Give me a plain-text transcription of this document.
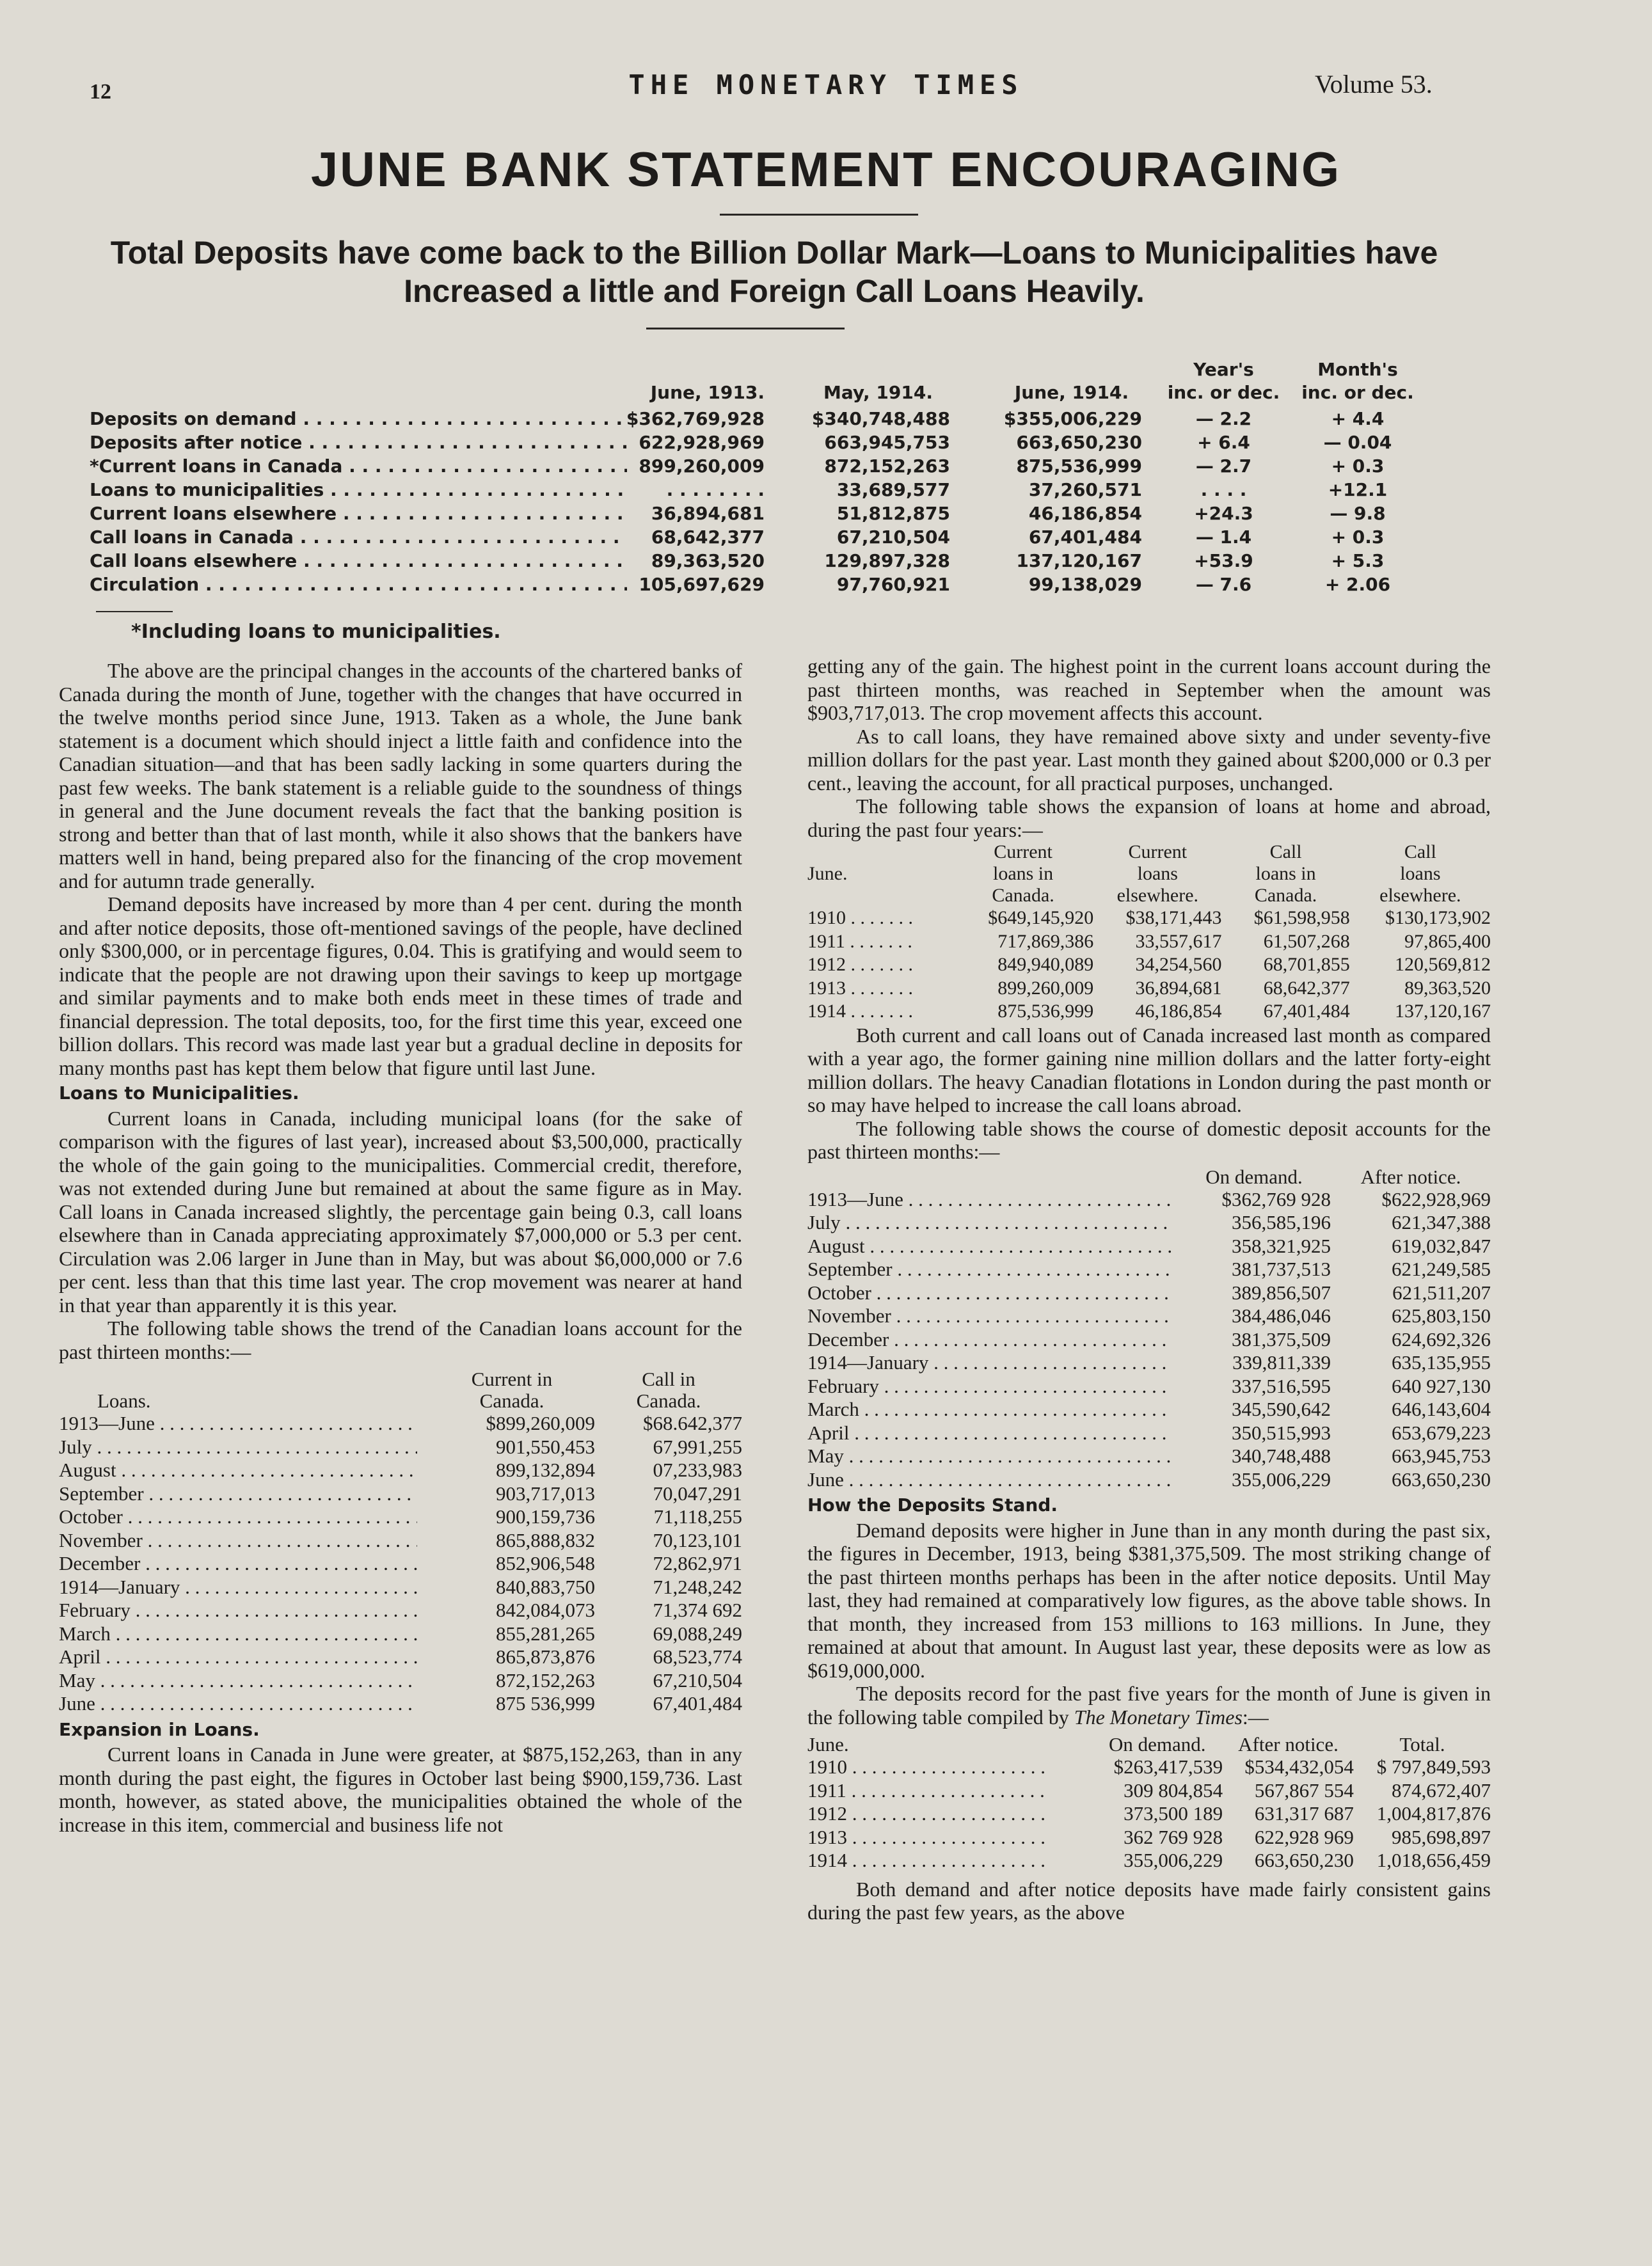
12	THE MONETARY TIMES	Volume 53.
JUNE BANK STATEMENT ENCOURAGING
Total Deposits have come back to the Billion Dollar Mark—Loans to Municipalities have Increased a little and Foreign Call Loans Heavily.
Year's	Month's
June, 1913.	May, 1914.	June, 1914.	inc. or dec.	inc. or dec.
Deposits on demand . . .	$362,769,928	$340,748,488	$355,006,229	— 2.2	+ 4.4
Deposits after notice . . .	622,928,969	663,945,753	663,650,230	+ 6.4	— 0.04
*Current loans in Canada . . .	899,260,009	872,152,263	875,536,999	— 2.7	+ 0.3
Loans to municipalities . . .	. . . . . . . .	33,689,577	37,260,571	. . . .	+12.1
Current loans elsewhere . . .	36,894,681	51,812,875	46,186,854	+24.3	— 9.8
Call loans in Canada . . .	68,642,377	67,210,504	67,401,484	— 1.4	+ 0.3
Call loans elsewhere . . .	89,363,520	129,897,328	137,120,167	+53.9	+ 5.3
Circulation . . .	105,697,629	97,760,921	99,138,029	— 7.6	+ 2.06
*Including loans to municipalities.

The above are the principal changes in the accounts of the chartered banks of Canada during the month of June, together with the changes that have occurred in the twelve months period since June, 1913. Taken as a whole, the June bank statement is a document which should inject a little faith and confidence into the Canadian situation—and that has been sadly lacking in some quarters during the past few weeks. The bank statement is a reliable guide to the soundness of things in general and the June document reveals the fact that the banking position is strong and better than that of last month, while it also shows that the bankers have matters well in hand, being prepared also for the financing of the crop movement and for autumn trade generally.

Demand deposits have increased by more than 4 per cent. during the month and after notice deposits, those oft-mentioned savings of the people, have declined only $300,000, or in percentage figures, 0.04. This is gratifying and would seem to indicate that the people are not drawing upon their savings to keep up mortgage and similar payments and to make both ends meet in these times of trade and financial depression. The total deposits, too, for the first time this year, exceed one billion dollars. This record was made last year but a gradual decline in deposits for many months past has kept them below that figure until last June.

Loans to Municipalities.

Current loans in Canada, including municipal loans (for the sake of comparison with the figures of last year), increased about $3,500,000, practically the whole of the gain going to the municipalities. Commercial credit, therefore, was not extended during June but remained at about the same figure as in May. Call loans in Canada increased slightly, the percentage gain being 0.3, call loans elsewhere than in Canada appreciating approximately $7,000,000 or 5.3 per cent. Circulation was 2.06 larger in June than in May, but was about $6,000,000 or 7.6 per cent. less than that this time last year. The crop movement was nearer at hand in that year than apparently it is this year.

The following table shows the trend of the Canadian loans account for the past thirteen months:—

	Current in	Call in
Loans.	Canada.	Canada.

1913—June . . .	$899,260,009	$68.642,377

July . . .	901,550,453	67,991,255

August . . .	899,132,894	07,233,983

September . . .	903,717,013	70,047,291

October . . .	900,159,736	71,118,255

November . . .	865,888,832	70,123,101

December . . .	852,906,548	72,862,971

1914—January . . .	840,883,750	71,248,242

February . . .	842,084,073	71,374 692

March . . .	855,281,265	69,088,249

April . . .	865,873,876	68,523,774

May . . .	872,152,263	67,210,504

June . . .	875 536,999	67,401,484
Expansion in Loans.

Current loans in Canada in June were greater, at $875,152,263, than in any month during the past eight, the figures in October last being $900,159,736. Last month, however, as stated above, the municipalities obtained the whole of the increase in this item, commercial and business life not

getting any of the gain. The highest point in the current loans account during the past thirteen months, was reached in September when the amount was $903,717,013. The crop movement affects this account.

As to call loans, they have remained above sixty and under seventy-five million dollars for the past year. Last month they gained about $200,000 or 0.3 per cent., leaving the account, for all practical purposes, unchanged.

The following table shows the expansion of loans at home and abroad, during the past four years:—

	Current	Current	Call	Call
June.	loans in	loans	loans in	loans
	Canada.	elsewhere.	Canada.	elsewhere.

1910 . . .	$649,145,920	$38,171,443	$61,598,958	$130,173,902

1911 . . .	717,869,386	33,557,617	61,507,268	97,865,400

1912 . . .	849,940,089	34,254,560	68,701,855	120,569,812

1913 . . .	899,260,009	36,894,681	68,642,377	89,363,520

1914 . . .	875,536,999	46,186,854	67,401,484	137,120,167

Both current and call loans out of Canada increased last month as compared with a year ago, the former gaining nine million dollars and the latter forty-eight million dollars. The heavy Canadian flotations in London during the past month or so may have helped to increase the call loans abroad.

The following table shows the course of domestic deposit accounts for the past thirteen months:—

	On demand.	After notice.

1913—June . . .	$362,769 928	$622,928,969

July . . .	356,585,196	621,347,388

August . . .	358,321,925	619,032,847

September . . .	381,737,513	621,249,585

October . . .	389,856,507	621,511,207

November . . .	384,486,046	625,803,150

December . . .	381,375,509	624,692,326

1914—January . . .	339,811,339	635,135,955

February . . .	337,516,595	640 927,130

March . . .	345,590,642	646,143,604

April . . .	350,515,993	653,679,223

May . . .	340,748,488	663,945,753

June . . .	355,006,229	663,650,230
How the Deposits Stand.

Demand deposits were higher in June than in any month during the past six, the figures in December, 1913, being $381,375,509. The most striking change of the past thirteen months perhaps has been in the after notice deposits. Until May last, they had remained at comparatively low figures, as the above table shows. In that month, they increased from 153 millions to 163 millions. In June, they remained at about that amount. In August last year, these deposits were as low as $619,000,000.

The deposits record for the past five years for the month of June is given in the following table compiled by The Monetary Times:—

June.	On demand.	After notice.	Total.

1910 . . .	$263,417,539	$534,432,054	$ 797,849,593

1911 . . .	309 804,854	567,867 554	874,672,407

1912 . . .	373,500 189	631,317 687	1,004,817,876

1913 . . .	362 769 928	622,928 969	985,698,897

1914 . . .	355,006,229	663,650,230	1,018,656,459

Both demand and after notice deposits have made fairly consistent gains during the past few years, as the above
